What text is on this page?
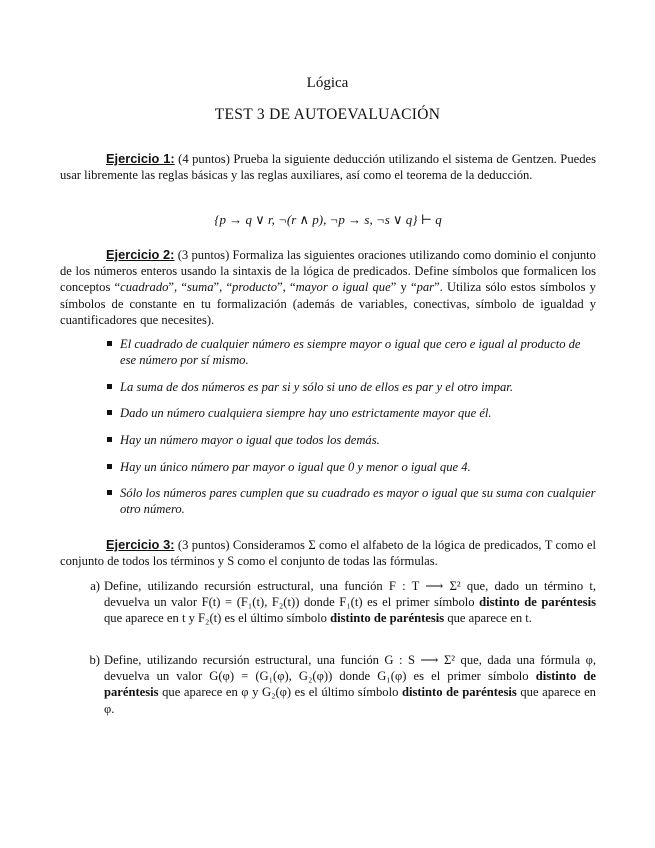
Lógica
TEST 3 DE AUTOEVALUACIÓN
Ejercicio 1: (4 puntos) Prueba la siguiente deducción utilizando el sistema de Gentzen. Puedes usar libremente las reglas básicas y las reglas auxiliares, así como el teorema de la deducción.
{p → q ∨ r, ¬(r ∧ p), ¬p → s, ¬s ∨ q} ⊢ q
Ejercicio 2: (3 puntos) Formaliza las siguientes oraciones utilizando como dominio el conjunto de los números enteros usando la sintaxis de la lógica de predicados. Define símbolos que formalicen los conceptos “cuadrado”, “suma”, “producto”, “mayor o igual que” y “par”. Utiliza sólo estos símbolos y símbolos de constante en tu formalización (además de variables, conectivas, símbolo de igualdad y cuantificadores que necesites).
El cuadrado de cualquier número es siempre mayor o igual que cero e igual al producto de ese número por sí mismo.
La suma de dos números es par si y sólo si uno de ellos es par y el otro impar.
Dado un número cualquiera siempre hay uno estrictamente mayor que él.
Hay un número mayor o igual que todos los demás.
Hay un único número par mayor o igual que 0 y menor o igual que 4.
Sólo los números pares cumplen que su cuadrado es mayor o igual que su suma con cualquier otro número.
Ejercicio 3: (3 puntos) Consideramos Σ como el alfabeto de la lógica de predicados, T como el conjunto de todos los términos y S como el conjunto de todas las fórmulas.
a) Define, utilizando recursión estructural, una función F : T ⟶ Σ² que, dado un término t, devuelva un valor F(t) = (F₁(t), F₂(t)) donde F₁(t) es el primer símbolo distinto de paréntesis que aparece en t y F₂(t) es el último símbolo distinto de paréntesis que aparece en t.
b) Define, utilizando recursión estructural, una función G : S ⟶ Σ² que, dada una fórmula φ, devuelva un valor G(φ) = (G₁(φ), G₂(φ)) donde G₁(φ) es el primer símbolo distinto de paréntesis que aparece en φ y G₂(φ) es el último símbolo distinto de paréntesis que aparece en φ.
